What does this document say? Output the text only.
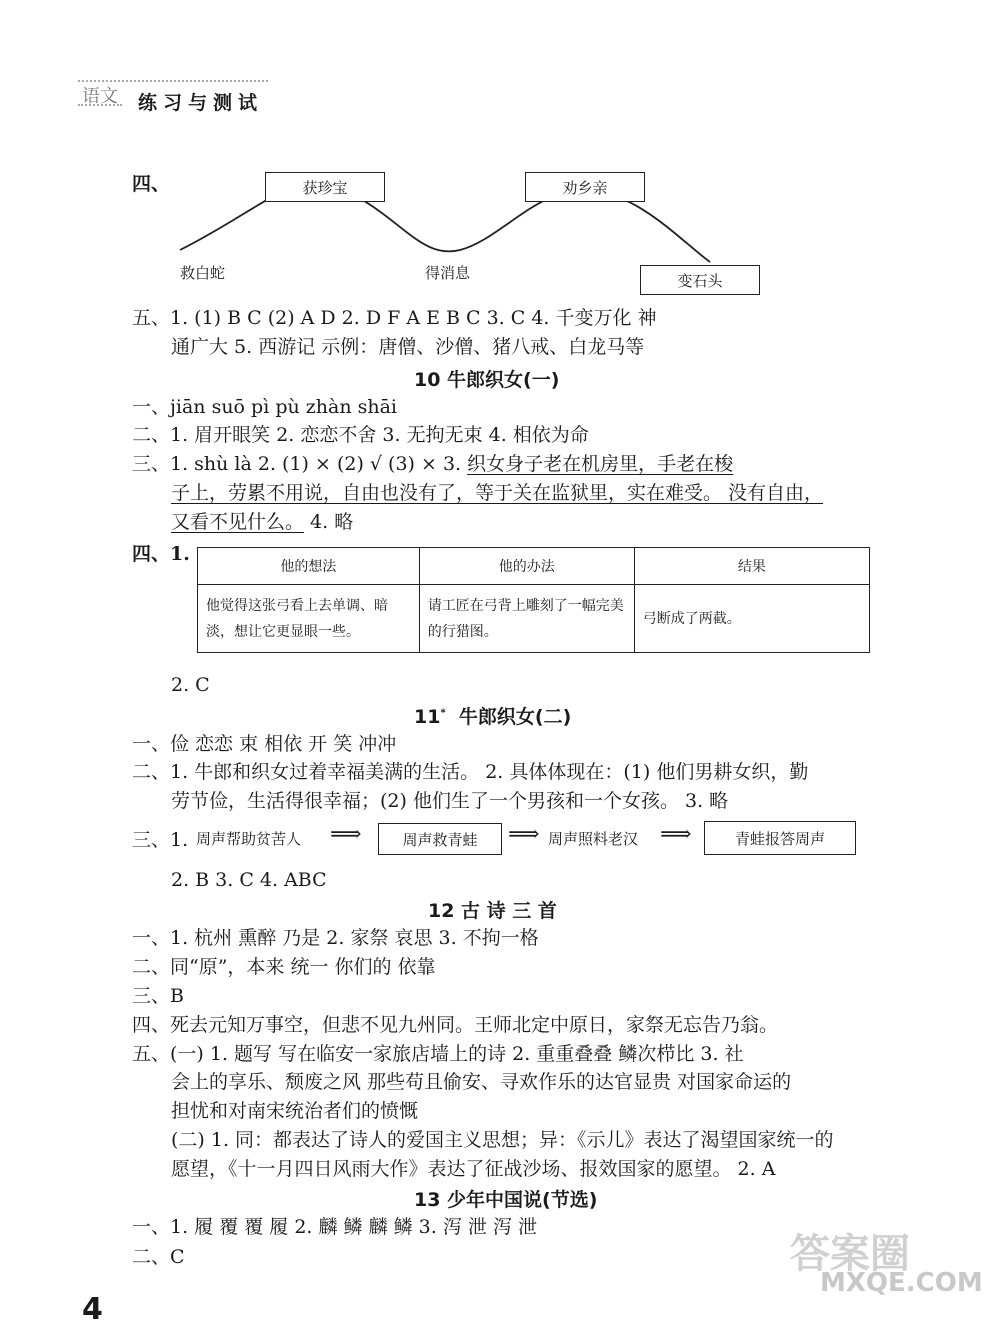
语文 练习与测试
四、	获珍宝	劝乡亲
变石头
救白蛇	得消息
五、1. (1) B C (2) A D 2. D F A E B C 3. C 4. 千变万化 神
通广大 5. 西游记 示例：唐僧、沙僧、猪八戒、白龙马等
10 牛郎织女(一)
一、jiān suō pì pù zhàn shāi
二、1. 眉开眼笑 2. 恋恋不舍 3. 无拘无束 4. 相依为命
三、1. shù là 2. (1) × (2) √ (3) × 3. 织女身子老在机房里，手老在梭
子上，劳累不用说，自由也没有了，等于关在监狱里，实在难受。 没有自由，
又看不见什么。 4. 略
四、1.
他的想法	他的办法	结果
他觉得这张弓看上去单调、暗淡，想让它更显眼一些。	请工匠在弓背上雕刻了一幅完美的行猎图。	弓断成了两截。
2. C
11* 牛郎织女(二)
一、俭 恋恋 束 相依 开 笑 冲冲
二、1. 牛郎和织女过着幸福美满的生活。 2. 具体体现在：(1) 他们男耕女织，勤
劳节俭，生活得很幸福；(2) 他们生了一个男孩和一个女孩。 3. 略
三、1. 周声帮助贫苦人 ⟹	周声救青蛙	⟹ 周声照料老汉 ⟹	青蛙报答周声
2. B 3. C 4. ABC
12 古 诗 三 首
一、1. 杭州 熏醉 乃是 2. 家祭 哀思 3. 不拘一格
二、同“原”，本来 统一 你们的 依靠
三、B
四、死去元知万事空，但悲不见九州同。王师北定中原日，家祭无忘告乃翁。
五、(一) 1. 题写 写在临安一家旅店墙上的诗 2. 重重叠叠 鳞次栉比 3. 社
会上的享乐、颓废之风 那些苟且偷安、寻欢作乐的达官显贵 对国家命运的
担忧和对南宋统治者们的愤慨
(二) 1. 同：都表达了诗人的爱国主义思想；异：《示儿》表达了渴望国家统一的
愿望，《十一月四日风雨大作》表达了征战沙场、报效国家的愿望。 2. A
13 少年中国说(节选)
一、1. 履 覆 覆 履 2. 麟 鳞 麟 鳞 3. 泻 泄 泻 泄
二、C
4
答案圈
MXQE.COM
